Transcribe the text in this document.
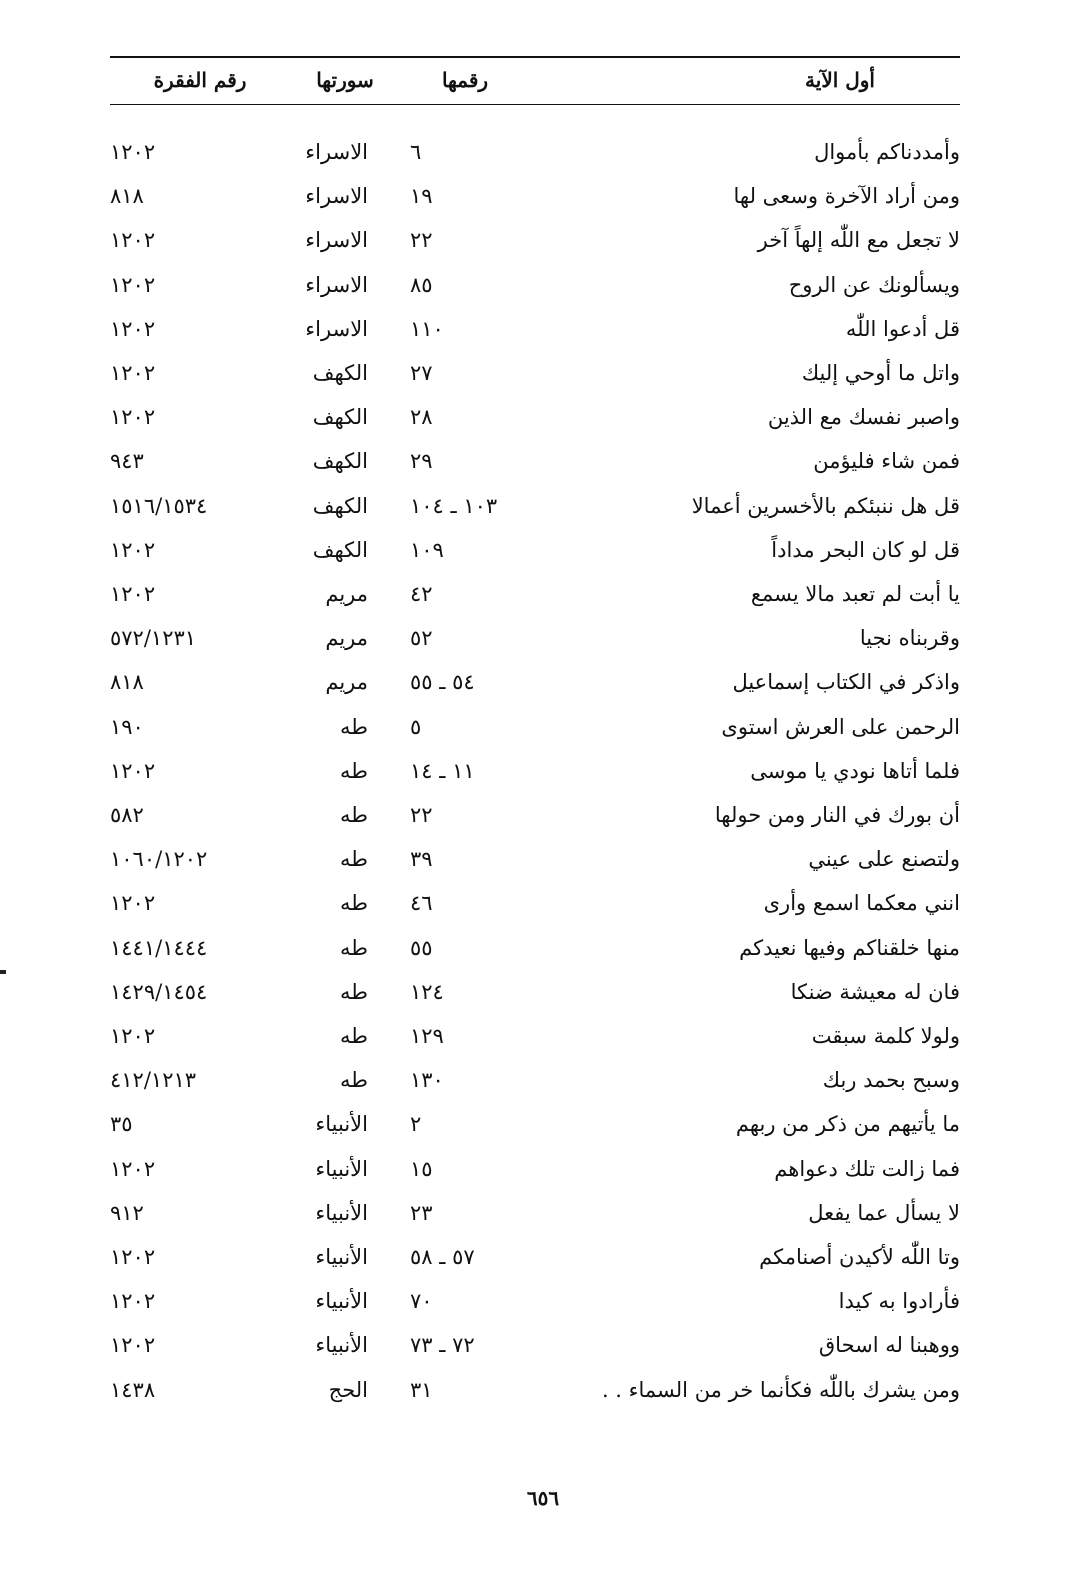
أول الآية
رقمها
سورتها
رقم الفقرة
وأمددناكم بأموال
٦
الاسراء
١٢٠٢
ومن أراد الآخرة وسعى لها
١٩
الاسراء
٨١٨
لا تجعل مع اللّٰه إلهاً آخر
٢٢
الاسراء
١٢٠٢
ويسألونك عن الروح
٨٥
الاسراء
١٢٠٢
قل أدعوا اللّٰه
١١٠
الاسراء
١٢٠٢
واتل ما أوحي إليك
٢٧
الكهف
١٢٠٢
واصبر نفسك مع الذين
٢٨
الكهف
١٢٠٢
فمن شاء فليؤمن
٢٩
الكهف
٩٤٣
قل هل ننبئكم بالأخسرين أعمالا
١٠٣ ـ ١٠٤
الكهف
١٥١٦/١٥٣٤
قل لو كان البحر مداداً
١٠٩
الكهف
١٢٠٢
يا أبت لم تعبد مالا يسمع
٤٢
مريم
١٢٠٢
وقربناه نجيا
٥٢
مريم
٥٧٢/١٢٣١
واذكر في الكتاب إسماعيل
٥٤ ـ ٥٥
مريم
٨١٨
الرحمن على العرش استوى
٥
طه
١٩٠
فلما أتاها نودي يا موسى
١١ ـ ١٤
طه
١٢٠٢
أن بورك في النار ومن حولها
٢٢
طه
٥٨٢
ولتصنع على عيني
٣٩
طه
١٠٦٠/١٢٠٢
انني معكما اسمع وأرى
٤٦
طه
١٢٠٢
منها خلقناكم وفيها نعيدكم
٥٥
طه
١٤٤١/١٤٤٤
فان له معيشة ضنكا
١٢٤
طه
١٤٢٩/١٤٥٤
ولولا كلمة سبقت
١٢٩
طه
١٢٠٢
وسبح بحمد ربك
١٣٠
طه
٤١٢/١٢١٣
ما يأتيهم من ذكر من ربهم
٢
الأنبياء
٣٥
فما زالت تلك دعواهم
١٥
الأنبياء
١٢٠٢
لا يسأل عما يفعل
٢٣
الأنبياء
٩١٢
وتا اللّٰه لأكيدن أصنامكم
٥٧ ـ ٥٨
الأنبياء
١٢٠٢
فأرادوا به كيدا
٧٠
الأنبياء
١٢٠٢
ووهبنا له اسحاق
٧٢ ـ ٧٣
الأنبياء
١٢٠٢
ومن يشرك باللّٰه فكأنما خر من السماء . .
٣١
الحج
١٤٣٨
٦٥٦
